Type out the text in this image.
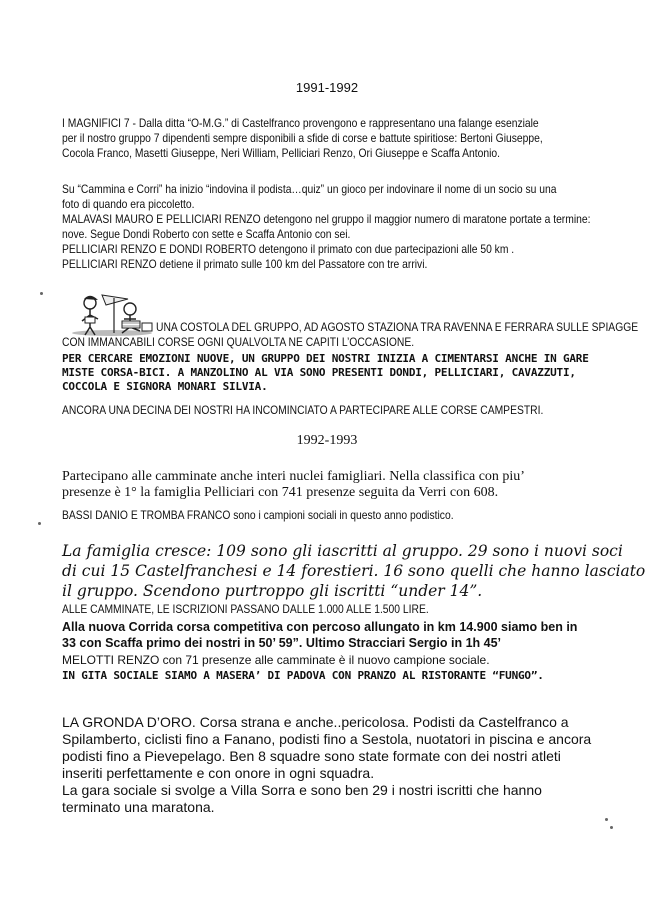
1991-1992
I MAGNIFICI 7 - Dalla ditta “O-M.G.” di Castelfranco provengono e rappresentano una falange esenziale
per il nostro gruppo 7 dipendenti sempre disponibili a sfide di corse e battute spiritiose: Bertoni Giuseppe,
Cocola Franco, Masetti Giuseppe, Neri William, Pelliciari Renzo, Ori Giuseppe e Scaffa Antonio.
Su “Cammina e Corri” ha inizio “indovina il podista…quiz” un gioco per indovinare il nome di un socio su una
foto di quando era piccoletto.
MALAVASI MAURO E PELLICIARI RENZO detengono nel gruppo il maggior numero di maratone portate a termine:
nove. Segue Dondi Roberto con sette e Scaffa Antonio con sei.
PELLICIARI RENZO E DONDI ROBERTO detengono il primato con due partecipazioni alle 50 km .
PELLICIARI RENZO detiene il primato sulle 100 km del Passatore con tre arrivi.
UNA COSTOLA DEL GRUPPO, AD AGOSTO STAZIONA TRA RAVENNA E FERRARA SULLE SPIAGGE
CON IMMANCABILI CORSE OGNI QUALVOLTA NE CAPITI L’OCCASIONE.
PER CERCARE EMOZIONI NUOVE, UN GRUPPO DEI NOSTRI INIZIA A CIMENTARSI ANCHE IN GARE
MISTE CORSA-BICI. A MANZOLINO AL VIA SONO PRESENTI DONDI, PELLICIARI, CAVAZZUTI,
COCCOLA E SIGNORA MONARI SILVIA.
ANCORA UNA DECINA DEI NOSTRI HA INCOMINCIATO A PARTECIPARE ALLE CORSE CAMPESTRI.
1992-1993
Partecipano alle camminate anche interi nuclei famigliari. Nella classifica con piu’
presenze è 1° la famiglia Pelliciari con 741 presenze seguita da Verri con 608.
BASSI DANIO E TROMBA FRANCO sono i campioni sociali in questo anno podistico.
La famiglia cresce: 109 sono gli iascritti al gruppo. 29 sono i nuovi soci
di cui 15 Castelfranchesi e 14 forestieri. 16 sono quelli che hanno lasciato
il gruppo. Scendono purtroppo gli iscritti “under 14”.
ALLE CAMMINATE, LE ISCRIZIONI PASSANO DALLE 1.000 ALLE 1.500 LIRE.
Alla nuova Corrida corsa competitiva con percoso allungato in km 14.900 siamo ben in
33 con Scaffa primo dei nostri in 50’ 59”. Ultimo Stracciari Sergio in 1h 45’
MELOTTI RENZO con 71 presenze alle camminate è il nuovo campione sociale.
IN GITA SOCIALE SIAMO A MASERA’ DI PADOVA CON PRANZO AL RISTORANTE “FUNGO”.
LA GRONDA D’ORO. Corsa strana e anche..pericolosa. Podisti da Castelfranco a
Spilamberto, ciclisti fino a Fanano, podisti fino a Sestola, nuotatori in piscina e ancora
podisti fino a Pievepelago. Ben 8 squadre sono state formate con dei nostri atleti
inseriti perfettamente e con onore in ogni squadra.
La gara sociale si svolge a Villa Sorra e sono ben 29 i nostri iscritti che hanno
terminato una maratona.
